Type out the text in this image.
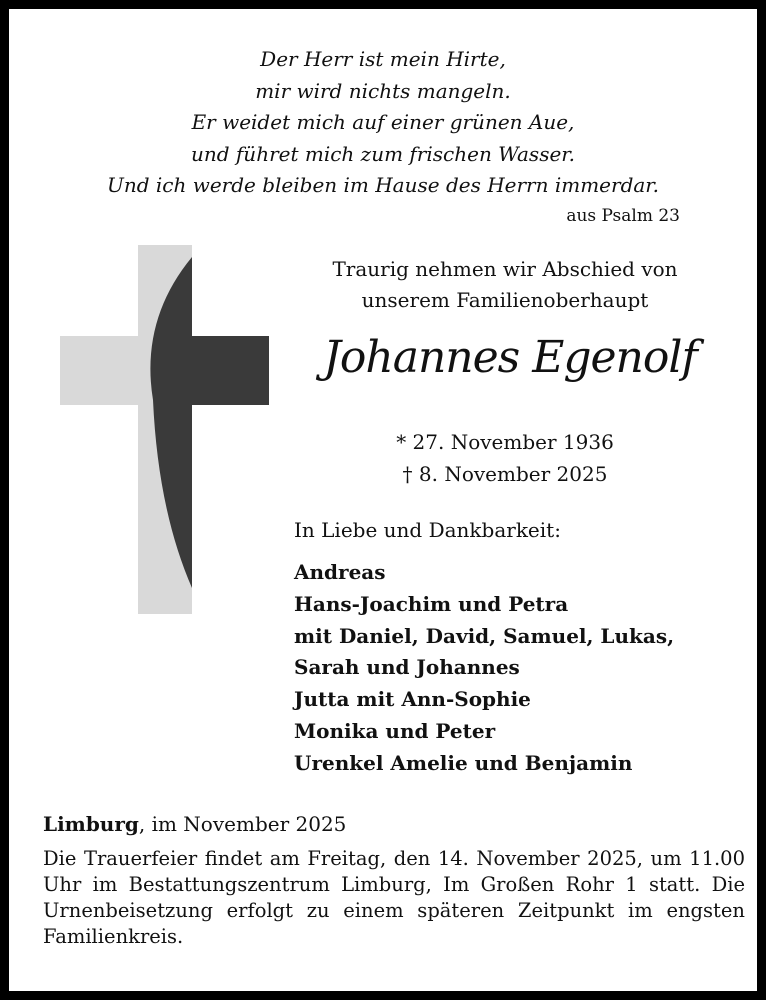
Der Herr ist mein Hirte,
mir wird nichts mangeln.
Er weidet mich auf einer grünen Aue,
und führet mich zum frischen Wasser.
Und ich werde bleiben im Hause des Herrn immerdar.
aus Psalm 23
Traurig nehmen wir Abschied von
unserem Familienoberhaupt
Johannes Egenolf
* 27. November 1936
† 8. November 2025
In Liebe und Dankbarkeit:
Andreas
Hans-Joachim und Petra
mit Daniel, David, Samuel, Lukas,
Sarah und Johannes
Jutta mit Ann-Sophie
Monika und Peter
Urenkel Amelie und Benjamin
Limburg, im November 2025
Die Trauerfeier findet am Freitag, den 14. November 2025, um 11.00 Uhr im Bestattungszentrum Limburg, Im Großen Rohr 1 statt. Die Urnenbeisetzung erfolgt zu einem späteren Zeitpunkt im engsten Familienkreis.
